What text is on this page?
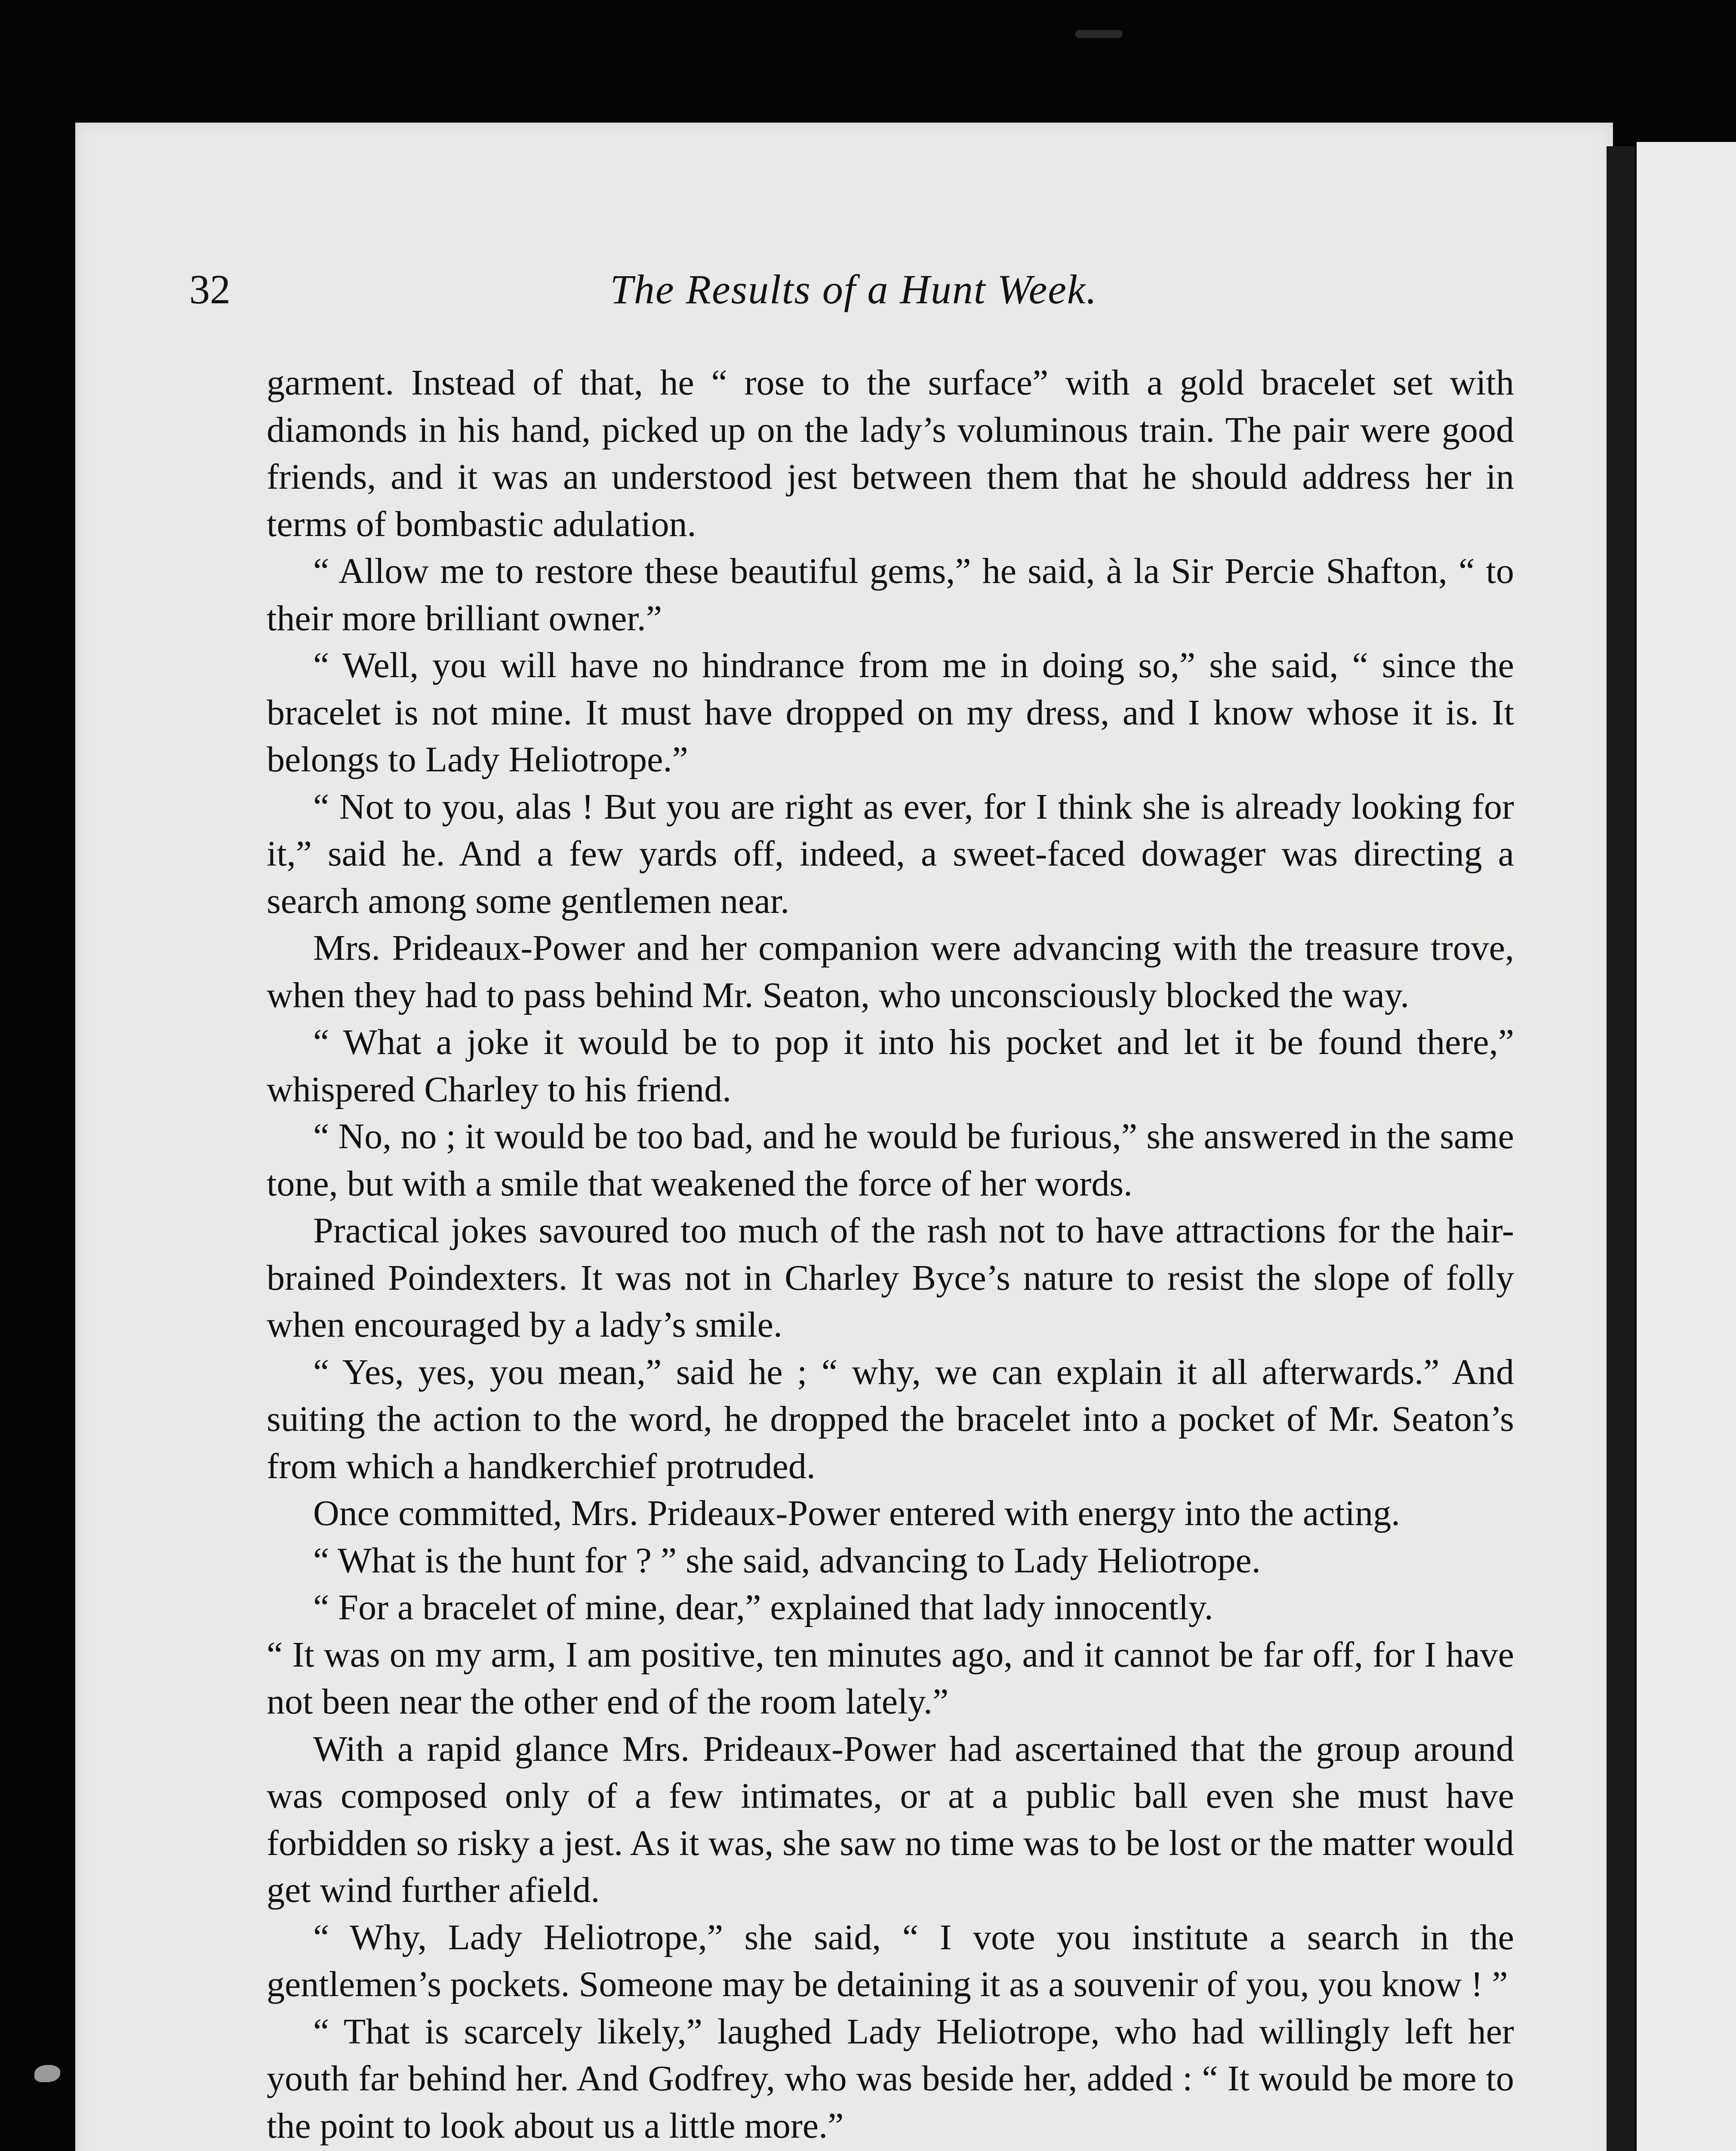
32	The Results of a Hunt Week.

garment. Instead of that, he “ rose to the surface” with a gold bracelet set with diamonds in his hand, picked up on the lady’s voluminous train. The pair were good friends, and it was an understood jest between them that he should address her in terms of bombastic adulation.

“ Allow me to restore these beautiful gems,” he said, à la Sir Percie Shafton, “ to their more brilliant owner.”

“ Well, you will have no hindrance from me in doing so,” she said, “ since the bracelet is not mine. It must have dropped on my dress, and I know whose it is. It belongs to Lady Heliotrope.”

“ Not to you, alas ! But you are right as ever, for I think she is already looking for it,” said he. And a few yards off, indeed, a sweet-faced dowager was directing a search among some gentlemen near.

Mrs. Prideaux-Power and her companion were advancing with the treasure trove, when they had to pass behind Mr. Seaton, who unconsciously blocked the way.

“ What a joke it would be to pop it into his pocket and let it be found there,” whispered Charley to his friend.

“ No, no ; it would be too bad, and he would be furious,” she answered in the same tone, but with a smile that weakened the force of her words.

Practical jokes savoured too much of the rash not to have attractions for the hair-brained Poindexters. It was not in Charley Byce’s nature to resist the slope of folly when encouraged by a lady’s smile.

“ Yes, yes, you mean,” said he ; “ why, we can explain it all afterwards.” And suiting the action to the word, he dropped the bracelet into a pocket of Mr. Seaton’s from which a handkerchief protruded.

Once committed, Mrs. Prideaux-Power entered with energy into the acting.

“ What is the hunt for ? ” she said, advancing to Lady Heliotrope.

“ For a bracelet of mine, dear,” explained that lady innocently.

“ It was on my arm, I am positive, ten minutes ago, and it cannot be far off, for I have not been near the other end of the room lately.”

With a rapid glance Mrs. Prideaux-Power had ascertained that the group around was composed only of a few intimates, or at a public ball even she must have forbidden so risky a jest. As it was, she saw no time was to be lost or the matter would get wind further afield.

“ Why, Lady Heliotrope,” she said, “ I vote you institute a search in the gentlemen’s pockets. Someone may be detaining it as a souvenir of you, you know ! ”

“ That is scarcely likely,” laughed Lady Heliotrope, who had willingly left her youth far behind her. And Godfrey, who was beside her, added : “ It would be more to the point to look about us a little more.”
